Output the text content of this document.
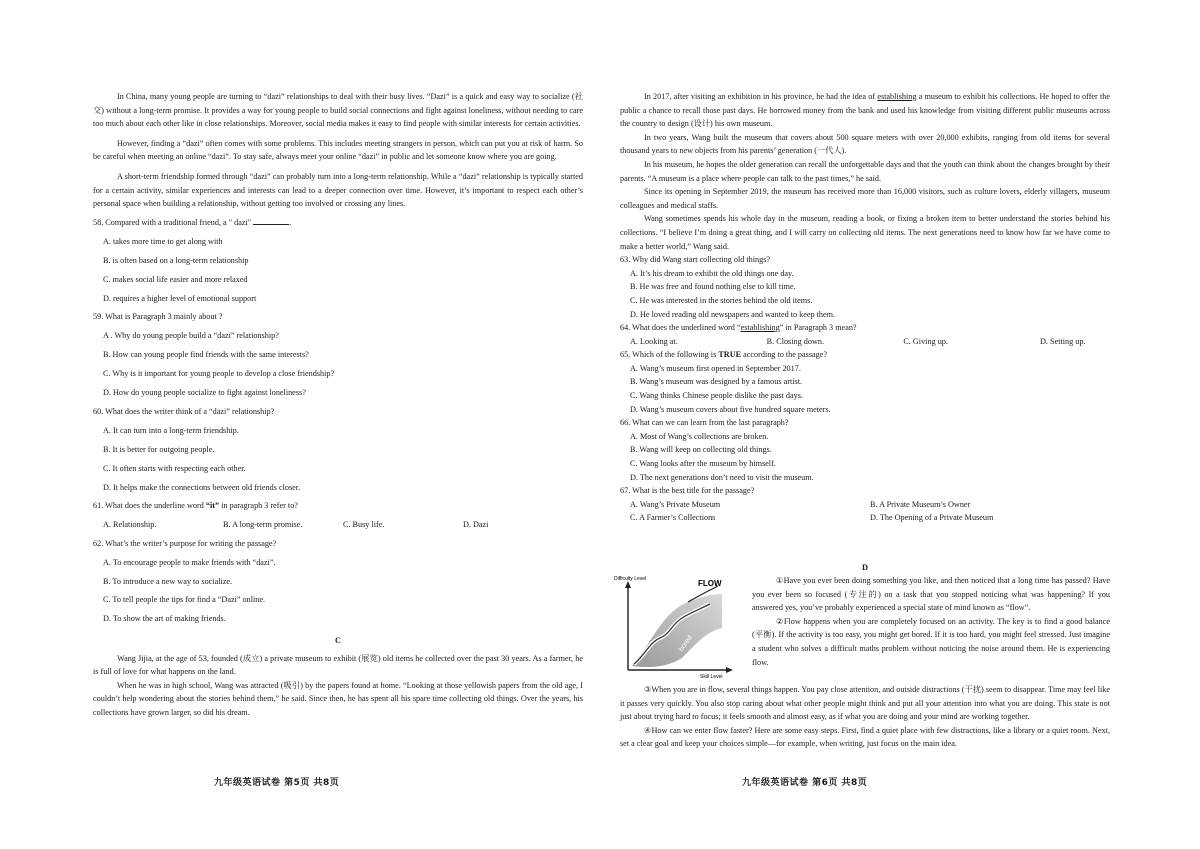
In China, many young people are turning to “dazi” relationships to deal with their busy lives. “Dazi” is a quick and easy way to socialize (社交) without a long-term promise. It provides a way for young people to build social connections and fight against loneliness, without needing to care too much about each other like in close relationships. Moreover, social media makes it easy to find people with similar interests for certain activities.

However, finding a “dazi” often comes with some problems. This includes meeting strangers in person, which can put you at risk of harm. So be careful when meeting an online “dazi”. To stay safe, always meet your online “dazi” in public and let someone know where you are going.

A short-term friendship formed through “dazi” can probably turn into a long-term relationship. While a “dazi” relationship is typically started for a certain activity, similar experiences and interests can lead to a deeper connection over time. However, it’s important to respect each other’s personal space when building a relationship, without getting too involved or crossing any lines.

58. Compared with a traditional friend, a " dazi"	.

A. takes more time to get along with

B. is often based on a long-term relationship

C. makes social life easier and more relaxed

D. requires a higher level of emotional support

59. What is Paragraph 3 mainly about ?

A . Why do young people build a “dazi” relationship?

B. How can young people find friends with the same interests?

C. Why is it important for young people to develop a close friendship?

D. How do young people socialize to fight against loneliness?

60. What does the writer think of a “dazi” relationship?

A. It can turn into a long-term friendship.

B. It is better for outgoing people.

C. It often starts with respecting each other.

D. It helps make the connections between old friends closer.

61. What does the underline word “it” in paragraph 3 refer to?

A. Relationship.	B. A long-term promise.	C. Busy life.	D. Dazi

62. What’s the writer’s purpose for writing the passage?

A. To encourage people to make friends with “dazi”.

B. To introduce a new way to socialize.

C. To tell people the tips for find a “Dazi” online.

D. To show the art of making friends.

C

Wang Jijia, at the age of 53, founded (成立) a private museum to exhibit (展览) old items he collected over the past 30 years. As a farmer, he is full of love for what happens on the land.

When he was in high school, Wang was attracted (吸引) by the papers found at home. “Looking at those yellowish papers from the old age, I couldn’t help wondering about the stories behind them,” he said. Since then, he has spent all his spare time collecting old things. Over the years, his collections have grown larger, so did his dream.

九年级英语试卷 第5页 共8页

In 2017, after visiting an exhibition in his province, he had the idea of establishing a museum to exhibit his collections. He hoped to offer the public a chance to recall those past days. He borrowed money from the bank and used his knowledge from visiting different public museums across the country to design (设计) his own museum.

In two years, Wang built the museum that covers about 500 square meters with over 20,000 exhibits, ranging from old items for several thousand years to new objects from his parents’ generation (一代人).

In his museum, he hopes the older generation can recall the unforgettable days and that the youth can think about the changes brought by their parents. “A museum is a place where people can talk to the past times,” he said.

Since its opening in September 2019, the museum has received more than 16,000 visitors, such as culture lovers, elderly villagers, museum colleagues and medical staffs.

Wang sometimes spends his whole day in the museum, reading a book, or fixing a broken item to better understand the stories behind his collections. “I believe I’m doing a great thing, and I will carry on collecting old items. The next generations need to know how far we have come to make a better world,” Wang said.

63. Why did Wang start collecting old things?

A. It’s his dream to exhibit the old things one day.

B. He was free and found nothing else to kill time.

C. He was interested in the stories behind the old items.

D. He loved reading old newspapers and wanted to keep them.

64. What does the underlined word “establishing” in Paragraph 3 mean?

A. Looking at.	B. Closing down.	C. Giving up.	D. Setting up.

65. Which of the following is TRUE according to the passage?

A. Wang’s museum first opened in September 2017.

B. Wang’s museum was designed by a famous artist.

C. Wang thinks Chinese people dislike the past days.

D. Wang’s museum covers about five hundred square meters.

66. What can we can learn from the last paragraph?

A. Most of Wang’s collections are broken.

B. Wang will keep on collecting old things.

C. Wang looks after the museum by himself.

D. The next generations don’t need to visit the museum.

67. What is the best title for the passage?

A. Wang’s Private Museum	B. A Private Museum’s Owner
C. A Farmer’s Collections	D. The Opening of a Private Museum
D
Difficulty Level
Skill Level
FLOW
Stressed
bored

①Have you ever been doing something you like, and then noticed that a long time has passed? Have you ever been so focused (专注的) on a task that you stopped noticing what was happening? If you answered yes, you’ve probably experienced a special state of mind known as “flow”.

②Flow happens when you are completely focused on an activity. The key is to find a good balance (平衡). If the activity is too easy, you might get bored. If it is too hard, you might feel stressed. Just imagine a student who solves a difficult maths problem without noticing the noise around them. He is experiencing flow.

③When you are in flow, several things happen. You pay close attention, and outside distractions (干扰) seem to disappear. Time may feel like it passes very quickly. You also stop caring about what other people might think and put all your attention into what you are doing. This state is not just about trying hard to focus; it feels smooth and almost easy, as if what you are doing and your mind are working together.

④How can we enter flow faster? Here are some easy steps. First, find a quiet place with few distractions, like a library or a quiet room. Next, set a clear goal and keep your choices simple—for example, when writing, just focus on the main idea.

九年级英语试卷 第6页 共8页
